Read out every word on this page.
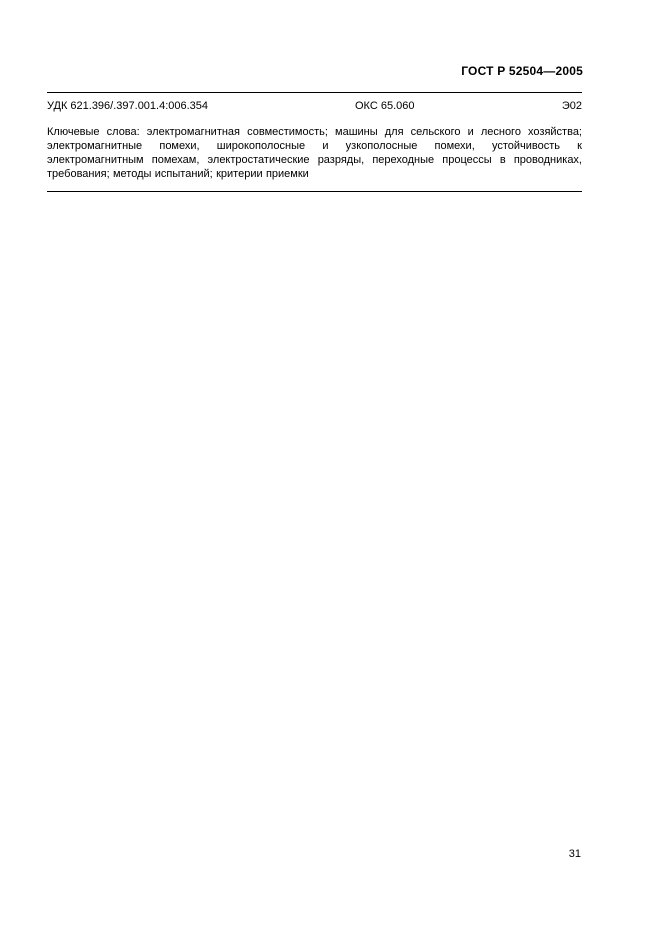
ГОСТ Р 52504—2005
УДК 621.396/.397.001.4:006.354	ОКС 65.060	Э02

Ключевые слова: электромагнитная совместимость; машины для сельского и лесного хозяйства; электромагнитные помехи, широкополосные и узкополосные помехи, устойчивость к электромагнитным помехам, электростатические разряды, переходные процессы в проводниках, требования; методы испытаний; критерии приемки

31
